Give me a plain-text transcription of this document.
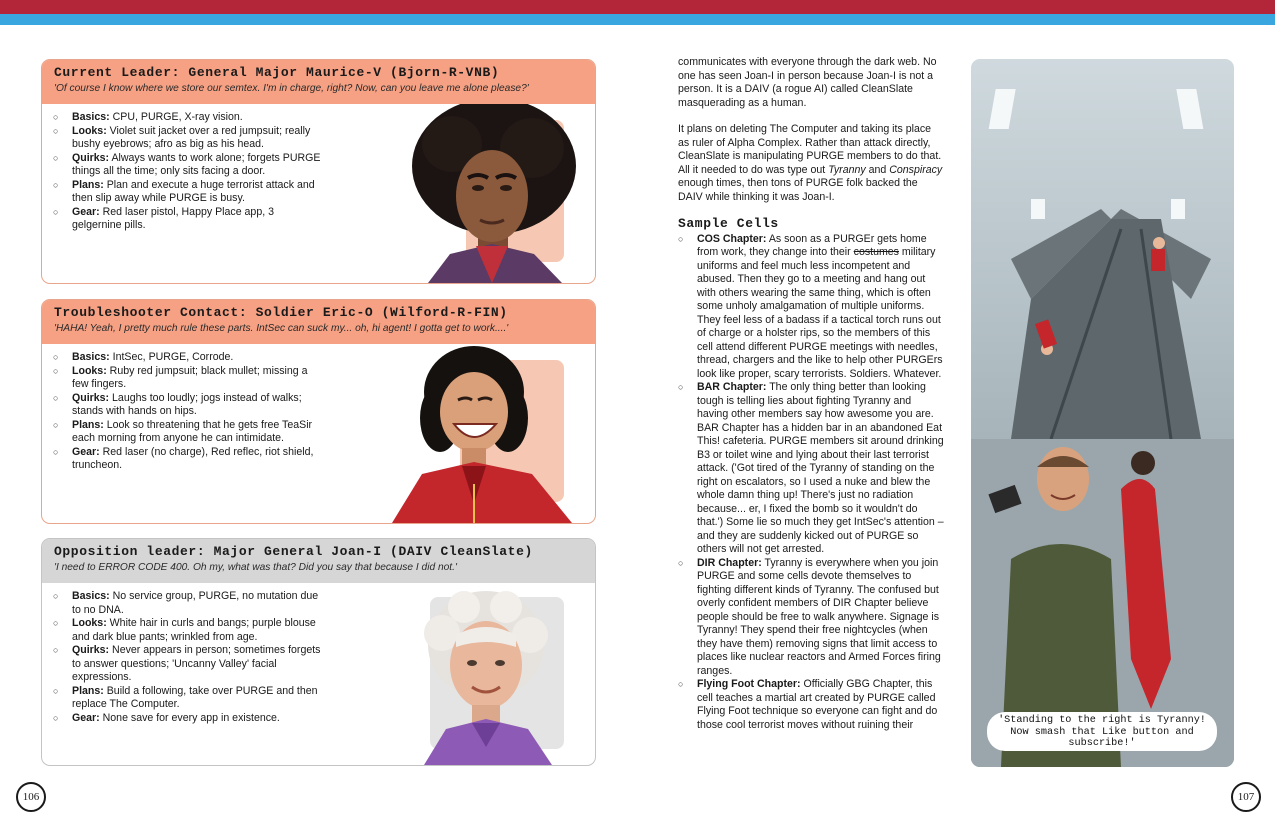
Current Leader: General Major Maurice-V (Bjorn-R-VNB)
'Of course I know where we store our semtex. I'm in charge, right? Now, can you leave me alone please?'
○ Basics: CPU, PURGE, X-ray vision.
○ Looks: Violet suit jacket over a red jumpsuit; really bushy eyebrows; afro as big as his head.
○ Quirks: Always wants to work alone; forgets PURGE things all the time; only sits facing a door.
○ Plans: Plan and execute a huge terrorist attack and then slip away while PURGE is busy.
○ Gear: Red laser pistol, Happy Place app, 3 gelgernine pills.
Troubleshooter Contact: Soldier Eric-O (Wilford-R-FIN)
'HAHA! Yeah, I pretty much rule these parts. IntSec can suck my... oh, hi agent! I gotta get to work....'
○ Basics: IntSec, PURGE, Corrode.
○ Looks: Ruby red jumpsuit; black mullet; missing a few fingers.
○ Quirks: Laughs too loudly; jogs instead of walks; stands with hands on hips.
○ Plans: Look so threatening that he gets free TeaSir each morning from anyone he can intimidate.
○ Gear: Red laser (no charge), Red reflec, riot shield, truncheon.
Opposition leader: Major General Joan-I (DAIV CleanSlate)
'I need to ERROR CODE 400. Oh my, what was that? Did you say that because I did not.'
○ Basics: No service group, PURGE, no mutation due to no DNA.
○ Looks: White hair in curls and bangs; purple blouse and dark blue pants; wrinkled from age.
○ Quirks: Never appears in person; sometimes forgets to answer questions; 'Uncanny Valley' facial expressions.
○ Plans: Build a following, take over PURGE and then replace The Computer.
○ Gear: None save for every app in existence.

communicates with everyone through the dark web. No one has seen Joan-I in person because Joan-I is not a person. It is a DAIV (a rogue AI) called CleanSlate masquerading as a human.

It plans on deleting The Computer and taking its place as ruler of Alpha Complex. Rather than attack directly, CleanSlate is manipulating PURGE members to do that. All it needed to do was type out Tyranny and Conspiracy enough times, then tons of PURGE folk backed the DAIV while thinking it was Joan-I.

Sample Cells
○ COS Chapter: As soon as a PURGEr gets home from work, they change into their costumes military uniforms and feel much less incompetent and abused. Then they go to a meeting and hang out with others wearing the same thing, which is often some unholy amalgamation of multiple uniforms. They feel less of a badass if a tactical torch runs out of charge or a holster rips, so the members of this cell attend different PURGE meetings with needles, thread, chargers and the like to help other PURGErs look like proper, scary terrorists. Soldiers. Whatever.
○ BAR Chapter: The only thing better than looking tough is telling lies about fighting Tyranny and having other members say how awesome you are. BAR Chapter has a hidden bar in an abandoned Eat This! cafeteria. PURGE members sit around drinking B3 or toilet wine and lying about their last terrorist attack. ('Got tired of the Tyranny of standing on the right on escalators, so I used a nuke and blew the whole damn thing up! There's just no radiation because... er, I fixed the bomb so it wouldn't do that.') Some lie so much they get IntSec's attention – and they are suddenly kicked out of PURGE so others will not get arrested.
○ DIR Chapter: Tyranny is everywhere when you join PURGE and some cells devote themselves to fighting different kinds of Tyranny. The confused but overly confident members of DIR Chapter believe people should be free to walk anywhere. Signage is Tyranny! They spend their free nightcycles (when they have them) removing signs that limit access to places like nuclear reactors and Armed Forces firing ranges.
○ Flying Foot Chapter: Officially GBG Chapter, this cell teaches a martial art created by PURGE called Flying Foot technique so everyone can fight and do those cool terrorist moves without ruining their	'Standing to the right is Tyranny! Now smash that Like button and subscribe!'
106	107
